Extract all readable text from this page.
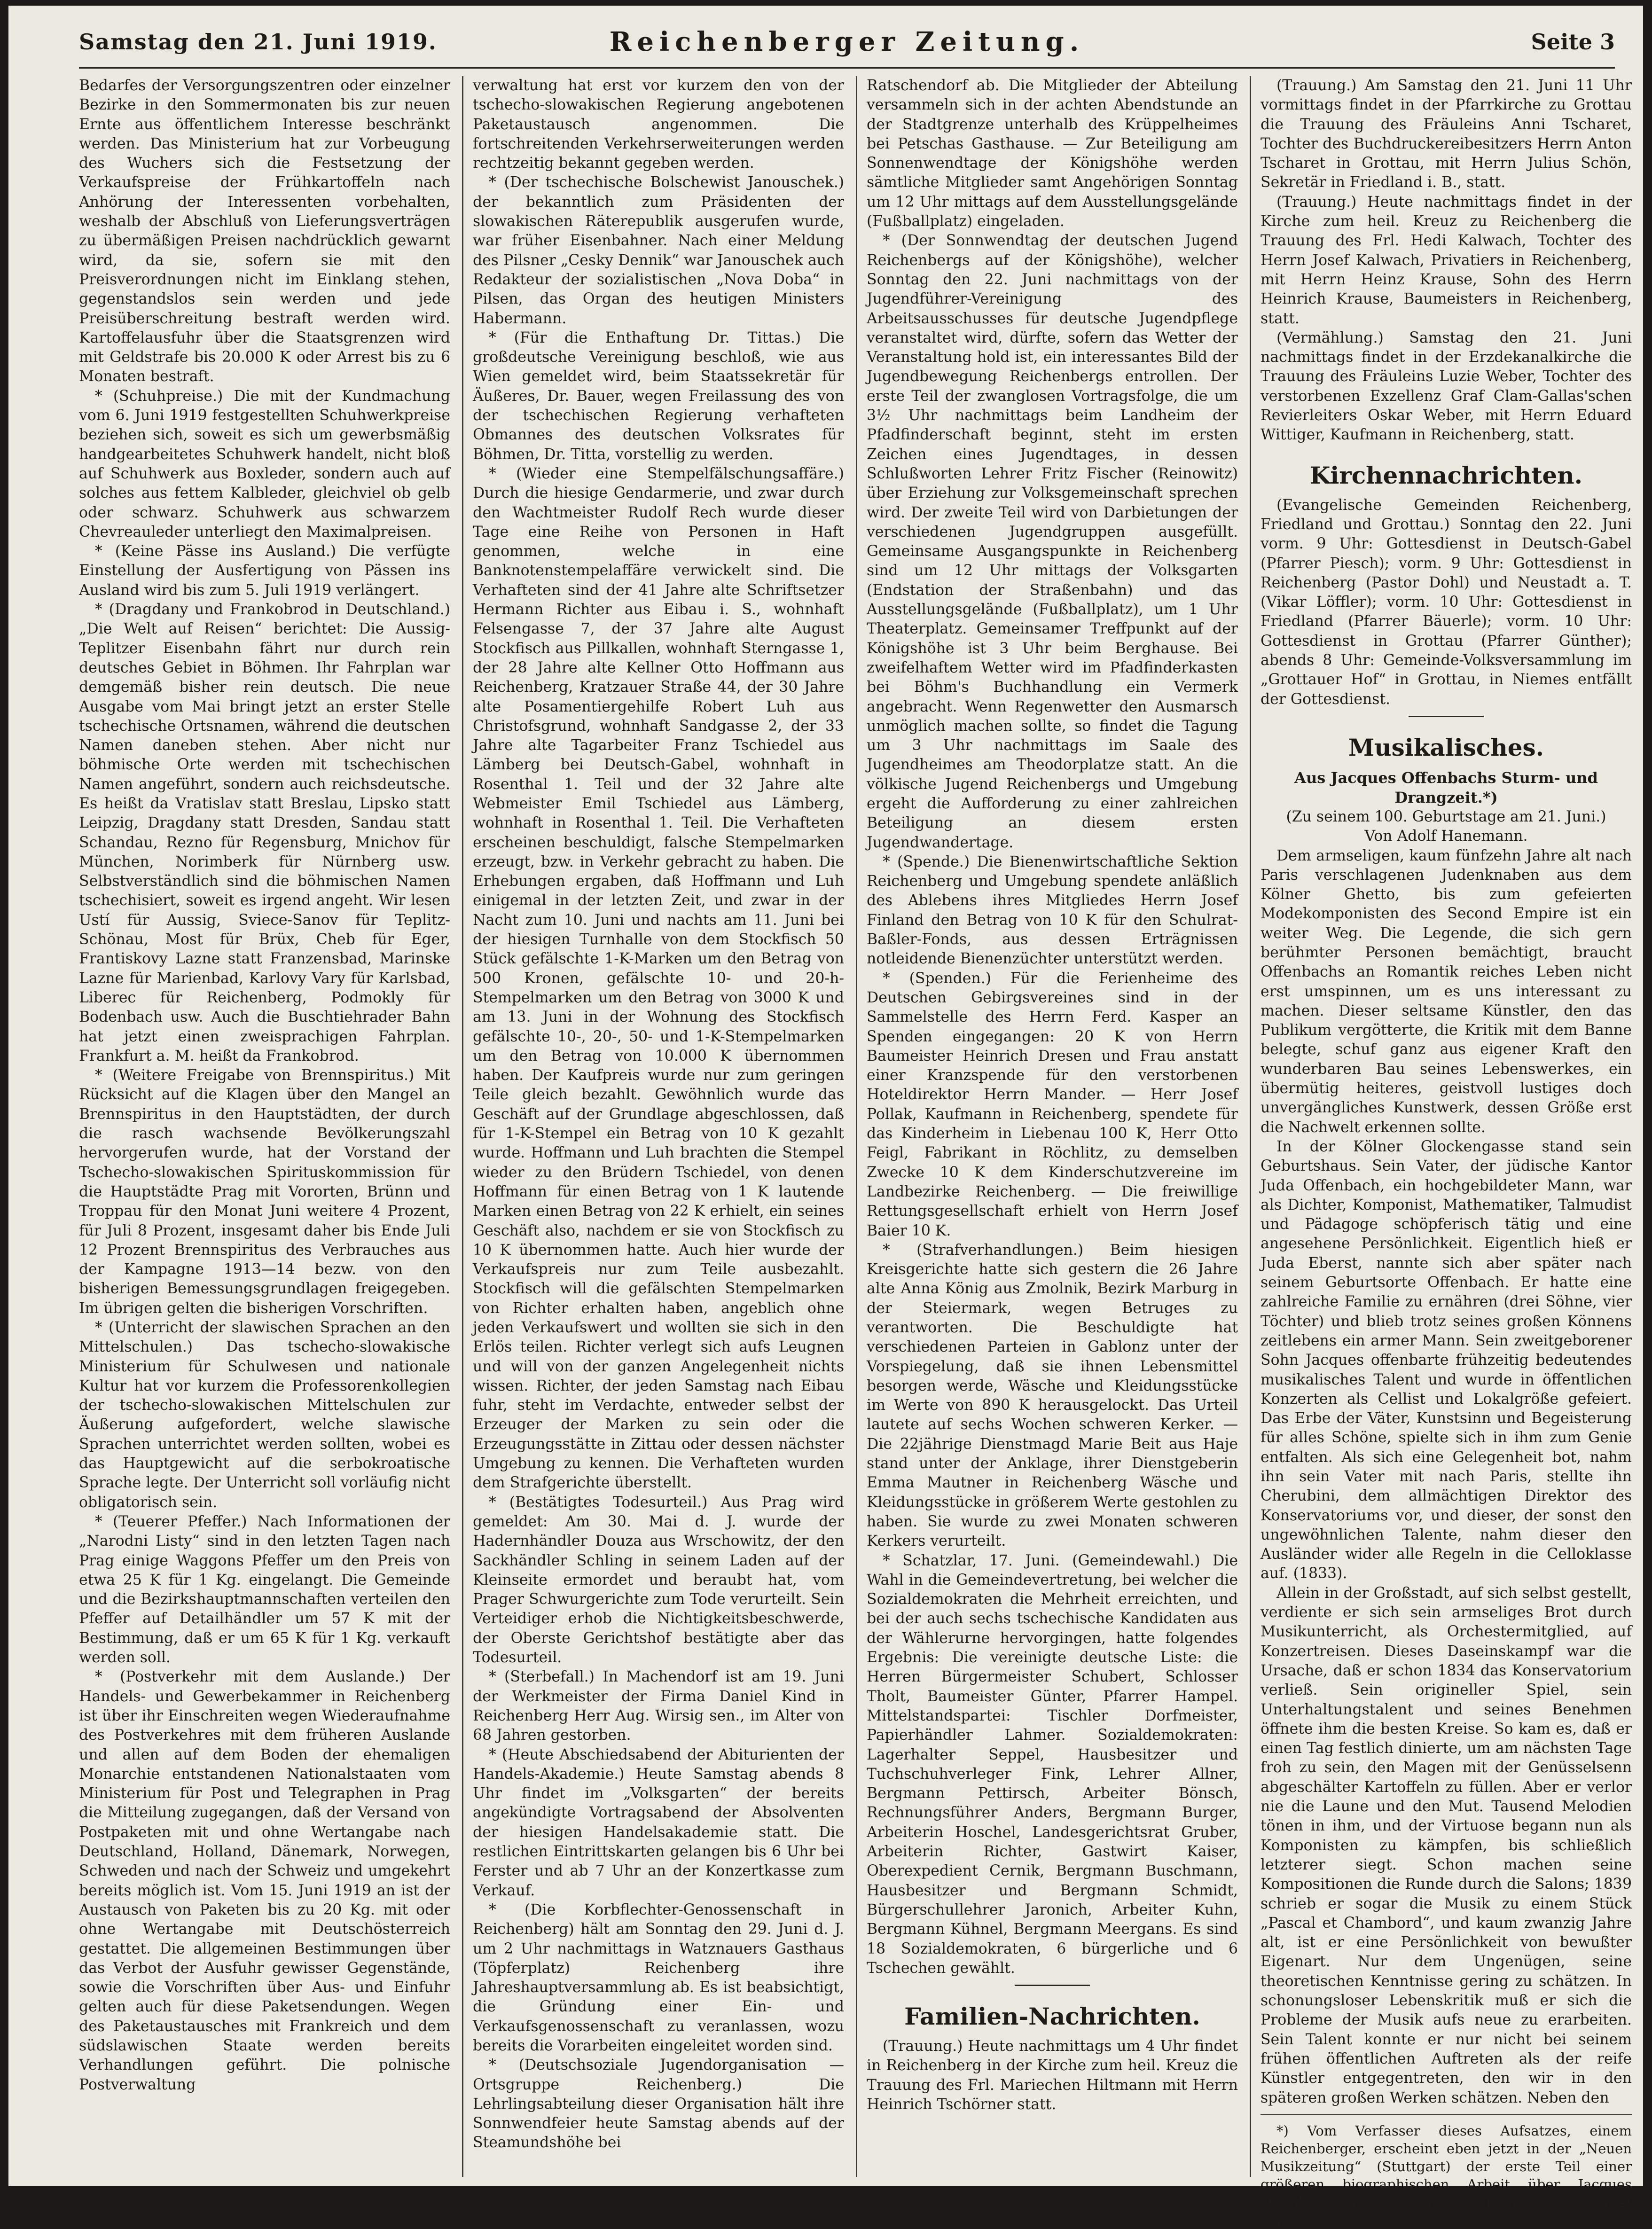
Samstag den 21. Juni 1919.	Reichenberger Zeitung.	Seite 3

Bedarfes der Versorgungszentren oder einzelner Bezirke in den Sommermonaten bis zur neuen Ernte aus öffentlichem Interesse beschränkt werden. Das Ministerium hat zur Vorbeugung des Wuchers sich die Festsetzung der Verkaufspreise der Frühkartoffeln nach Anhörung der Interessenten vorbehalten, weshalb der Abschluß von Lieferungsverträgen zu übermäßigen Preisen nachdrücklich gewarnt wird, da sie, sofern sie mit den Preisverordnungen nicht im Einklang stehen, gegenstandslos sein werden und jede Preisüberschreitung bestraft werden wird. Kartoffelausfuhr über die Staatsgrenzen wird mit Geldstrafe bis 20.000 K oder Arrest bis zu 6 Monaten bestraft.

* (Schuhpreise.) Die mit der Kundmachung vom 6. Juni 1919 festgestellten Schuhwerkpreise beziehen sich, soweit es sich um gewerbsmäßig handgearbeitetes Schuhwerk handelt, nicht bloß auf Schuhwerk aus Boxleder, sondern auch auf solches aus fettem Kalbleder, gleichviel ob gelb oder schwarz. Schuhwerk aus schwarzem Chevreauleder unterliegt den Maximalpreisen.

* (Keine Pässe ins Ausland.) Die verfügte Einstellung der Ausfertigung von Pässen ins Ausland wird bis zum 5. Juli 1919 verlängert.

* (Dragdany und Frankobrod in Deutschland.) „Die Welt auf Reisen“ berichtet: Die Aussig-Teplitzer Eisenbahn fährt nur durch rein deutsches Gebiet in Böhmen. Ihr Fahrplan war demgemäß bisher rein deutsch. Die neue Ausgabe vom Mai bringt jetzt an erster Stelle tschechische Ortsnamen, während die deutschen Namen daneben stehen. Aber nicht nur böhmische Orte werden mit tschechischen Namen angeführt, sondern auch reichsdeutsche. Es heißt da Vratislav statt Breslau, Lipsko statt Leipzig, Dragdany statt Dresden, Sandau statt Schandau, Rezno für Regensburg, Mnichov für München, Norimberk für Nürnberg usw. Selbstverständlich sind die böhmischen Namen tschechisiert, soweit es irgend angeht. Wir lesen Ustí für Aussig, Sviece-Sanov für Teplitz-Schönau, Most für Brüx, Cheb für Eger, Frantiskovy Lazne statt Franzensbad, Marinske Lazne für Marienbad, Karlovy Vary für Karlsbad, Liberec für Reichenberg, Podmokly für Bodenbach usw. Auch die Buschtiehrader Bahn hat jetzt einen zweisprachigen Fahrplan. Frankfurt a. M. heißt da Frankobrod.

* (Weitere Freigabe von Brennspiritus.) Mit Rücksicht auf die Klagen über den Mangel an Brennspiritus in den Hauptstädten, der durch die rasch wachsende Bevölkerungszahl hervorgerufen wurde, hat der Vorstand der Tschecho-slowakischen Spirituskommission für die Hauptstädte Prag mit Vororten, Brünn und Troppau für den Monat Juni weitere 4 Prozent, für Juli 8 Prozent, insgesamt daher bis Ende Juli 12 Prozent Brennspiritus des Verbrauches aus der Kampagne 1913—14 bezw. von den bisherigen Bemessungsgrundlagen freigegeben. Im übrigen gelten die bisherigen Vorschriften.

* (Unterricht der slawischen Sprachen an den Mittelschulen.) Das tschecho-slowakische Ministerium für Schulwesen und nationale Kultur hat vor kurzem die Professorenkollegien der tschecho-slowakischen Mittelschulen zur Äußerung aufgefordert, welche slawische Sprachen unterrichtet werden sollten, wobei es das Hauptgewicht auf die serbokroatische Sprache legte. Der Unterricht soll vorläufig nicht obligatorisch sein.

* (Teuerer Pfeffer.) Nach Informationen der „Narodni Listy“ sind in den letzten Tagen nach Prag einige Waggons Pfeffer um den Preis von etwa 25 K für 1 Kg. eingelangt. Die Gemeinde und die Bezirkshauptmannschaften verteilen den Pfeffer auf Detailhändler um 57 K mit der Bestimmung, daß er um 65 K für 1 Kg. verkauft werden soll.

* (Postverkehr mit dem Auslande.) Der Handels- und Gewerbekammer in Reichenberg ist über ihr Einschreiten wegen Wiederaufnahme des Postverkehres mit dem früheren Auslande und allen auf dem Boden der ehemaligen Monarchie entstandenen Nationalstaaten vom Ministerium für Post und Telegraphen in Prag die Mitteilung zugegangen, daß der Versand von Postpaketen mit und ohne Wertangabe nach Deutschland, Holland, Dänemark, Norwegen, Schweden und nach der Schweiz und umgekehrt bereits möglich ist. Vom 15. Juni 1919 an ist der Austausch von Paketen bis zu 20 Kg. mit oder ohne Wertangabe mit Deutschösterreich gestattet. Die allgemeinen Bestimmungen über das Verbot der Ausfuhr gewisser Gegenstände, sowie die Vorschriften über Aus- und Einfuhr gelten auch für diese Paketsendungen. Wegen des Paketaustausches mit Frankreich und dem südslawischen Staate werden bereits Verhandlungen geführt. Die polnische Postverwaltung

verwaltung hat erst vor kurzem den von der tschecho-slowakischen Regierung angebotenen Paketaustausch angenommen. Die fortschreitenden Verkehrserweiterungen werden rechtzeitig bekannt gegeben werden.

* (Der tschechische Bolschewist Janouschek.) der bekanntlich zum Präsidenten der slowakischen Räterepublik ausgerufen wurde, war früher Eisenbahner. Nach einer Meldung des Pilsner „Cesky Dennik“ war Janouschek auch Redakteur der sozialistischen „Nova Doba“ in Pilsen, das Organ des heutigen Ministers Habermann.

* (Für die Enthaftung Dr. Tittas.) Die großdeutsche Vereinigung beschloß, wie aus Wien gemeldet wird, beim Staatssekretär für Äußeres, Dr. Bauer, wegen Freilassung des von der tschechischen Regierung verhafteten Obmannes des deutschen Volksrates für Böhmen, Dr. Titta, vorstellig zu werden.

* (Wieder eine Stempelfälschungsaffäre.) Durch die hiesige Gendarmerie, und zwar durch den Wachtmeister Rudolf Rech wurde dieser Tage eine Reihe von Personen in Haft genommen, welche in eine Banknotenstempelaffäre verwickelt sind. Die Verhafteten sind der 41 Jahre alte Schriftsetzer Hermann Richter aus Eibau i. S., wohnhaft Felsengasse 7, der 37 Jahre alte August Stockfisch aus Pillkallen, wohnhaft Sterngasse 1, der 28 Jahre alte Kellner Otto Hoffmann aus Reichenberg, Kratzauer Straße 44, der 30 Jahre alte Posamentiergehilfe Robert Luh aus Christofsgrund, wohnhaft Sandgasse 2, der 33 Jahre alte Tagarbeiter Franz Tschiedel aus Lämberg bei Deutsch-Gabel, wohnhaft in Rosenthal 1. Teil und der 32 Jahre alte Webmeister Emil Tschiedel aus Lämberg, wohnhaft in Rosenthal 1. Teil. Die Verhafteten erscheinen beschuldigt, falsche Stempelmarken erzeugt, bzw. in Verkehr gebracht zu haben. Die Erhebungen ergaben, daß Hoffmann und Luh einigemal in der letzten Zeit, und zwar in der Nacht zum 10. Juni und nachts am 11. Juni bei der hiesigen Turnhalle von dem Stockfisch 50 Stück gefälschte 1-K-Marken um den Betrag von 500 Kronen, gefälschte 10- und 20-h-Stempelmarken um den Betrag von 3000 K und am 13. Juni in der Wohnung des Stockfisch gefälschte 10-, 20-, 50- und 1-K-Stempelmarken um den Betrag von 10.000 K übernommen haben. Der Kaufpreis wurde nur zum geringen Teile gleich bezahlt. Gewöhnlich wurde das Geschäft auf der Grundlage abgeschlossen, daß für 1-K-Stempel ein Betrag von 10 K gezahlt wurde. Hoffmann und Luh brachten die Stempel wieder zu den Brüdern Tschiedel, von denen Hoffmann für einen Betrag von 1 K lautende Marken einen Betrag von 22 K erhielt, ein seines Geschäft also, nachdem er sie von Stockfisch zu 10 K übernommen hatte. Auch hier wurde der Verkaufspreis nur zum Teile ausbezahlt. Stockfisch will die gefälschten Stempelmarken von Richter erhalten haben, angeblich ohne jeden Verkaufswert und wollten sie sich in den Erlös teilen. Richter verlegt sich aufs Leugnen und will von der ganzen Angelegenheit nichts wissen. Richter, der jeden Samstag nach Eibau fuhr, steht im Verdachte, entweder selbst der Erzeuger der Marken zu sein oder die Erzeugungsstätte in Zittau oder dessen nächster Umgebung zu kennen. Die Verhafteten wurden dem Strafgerichte überstellt.

* (Bestätigtes Todesurteil.) Aus Prag wird gemeldet: Am 30. Mai d. J. wurde der Hadernhändler Douza aus Wrschowitz, der den Sackhändler Schling in seinem Laden auf der Kleinseite ermordet und beraubt hat, vom Prager Schwurgerichte zum Tode verurteilt. Sein Verteidiger erhob die Nichtigkeitsbeschwerde, der Oberste Gerichtshof bestätigte aber das Todesurteil.

* (Sterbefall.) In Machendorf ist am 19. Juni der Werkmeister der Firma Daniel Kind in Reichenberg Herr Aug. Wirsig sen., im Alter von 68 Jahren gestorben.

* (Heute Abschiedsabend der Abiturienten der Handels-Akademie.) Heute Samstag abends 8 Uhr findet im „Volksgarten“ der bereits angekündigte Vortragsabend der Absolventen der hiesigen Handelsakademie statt. Die restlichen Eintrittskarten gelangen bis 6 Uhr bei Ferster und ab 7 Uhr an der Konzertkasse zum Verkauf.

* (Die Korbflechter-Genossenschaft in Reichenberg) hält am Sonntag den 29. Juni d. J. um 2 Uhr nachmittags in Watznauers Gasthaus (Töpferplatz) Reichenberg ihre Jahreshauptversammlung ab. Es ist beabsichtigt, die Gründung einer Ein- und Verkaufsgenossenschaft zu veranlassen, wozu bereits die Vorarbeiten eingeleitet worden sind.

* (Deutschsoziale Jugendorganisation — Ortsgruppe Reichenberg.) Die Lehrlingsabteilung dieser Organisation hält ihre Sonnwendfeier heute Samstag abends auf der Steamundshöhe bei

Ratschendorf ab. Die Mitglieder der Abteilung versammeln sich in der achten Abendstunde an der Stadtgrenze unterhalb des Krüppelheimes bei Petschas Gasthause. — Zur Beteiligung am Sonnenwendtage der Königshöhe werden sämtliche Mitglieder samt Angehörigen Sonntag um 12 Uhr mittags auf dem Ausstellungsgelände (Fußballplatz) eingeladen.

* (Der Sonnwendtag der deutschen Jugend Reichenbergs auf der Königshöhe), welcher Sonntag den 22. Juni nachmittags von der Jugendführer-Vereinigung des Arbeitsausschusses für deutsche Jugendpflege veranstaltet wird, dürfte, sofern das Wetter der Veranstaltung hold ist, ein interessantes Bild der Jugendbewegung Reichenbergs entrollen. Der erste Teil der zwanglosen Vortragsfolge, die um 3½ Uhr nachmittags beim Landheim der Pfadfinderschaft beginnt, steht im ersten Zeichen eines Jugendtages, in dessen Schlußworten Lehrer Fritz Fischer (Reinowitz) über Erziehung zur Volksgemeinschaft sprechen wird. Der zweite Teil wird von Darbietungen der verschiedenen Jugendgruppen ausgefüllt. Gemeinsame Ausgangspunkte in Reichenberg sind um 12 Uhr mittags der Volksgarten (Endstation der Straßenbahn) und das Ausstellungsgelände (Fußballplatz), um 1 Uhr Theaterplatz. Gemeinsamer Treffpunkt auf der Königshöhe ist 3 Uhr beim Berghause. Bei zweifelhaftem Wetter wird im Pfadfinderkasten bei Böhm's Buchhandlung ein Vermerk angebracht. Wenn Regenwetter den Ausmarsch unmöglich machen sollte, so findet die Tagung um 3 Uhr nachmittags im Saale des Jugendheimes am Theodorplatze statt. An die völkische Jugend Reichenbergs und Umgebung ergeht die Aufforderung zu einer zahlreichen Beteiligung an diesem ersten Jugendwandertage.

* (Spende.) Die Bienenwirtschaftliche Sektion Reichenberg und Umgebung spendete anläßlich des Ablebens ihres Mitgliedes Herrn Josef Finland den Betrag von 10 K für den Schulrat-Baßler-Fonds, aus dessen Erträgnissen notleidende Bienenzüchter unterstützt werden.

* (Spenden.) Für die Ferienheime des Deutschen Gebirgsvereines sind in der Sammelstelle des Herrn Ferd. Kasper an Spenden eingegangen: 20 K von Herrn Baumeister Heinrich Dresen und Frau anstatt einer Kranzspende für den verstorbenen Hoteldirektor Herrn Mander. — Herr Josef Pollak, Kaufmann in Reichenberg, spendete für das Kinderheim in Liebenau 100 K, Herr Otto Feigl, Fabrikant in Röchlitz, zu demselben Zwecke 10 K dem Kinderschutzvereine im Landbezirke Reichenberg. — Die freiwillige Rettungsgesellschaft erhielt von Herrn Josef Baier 10 K.

* (Strafverhandlungen.) Beim hiesigen Kreisgerichte hatte sich gestern die 26 Jahre alte Anna König aus Zmolnik, Bezirk Marburg in der Steiermark, wegen Betruges zu verantworten. Die Beschuldigte hat verschiedenen Parteien in Gablonz unter der Vorspiegelung, daß sie ihnen Lebensmittel besorgen werde, Wäsche und Kleidungsstücke im Werte von 890 K herausgelockt. Das Urteil lautete auf sechs Wochen schweren Kerker. — Die 22jährige Dienstmagd Marie Beit aus Haje stand unter der Anklage, ihrer Dienstgeberin Emma Mautner in Reichenberg Wäsche und Kleidungsstücke in größerem Werte gestohlen zu haben. Sie wurde zu zwei Monaten schweren Kerkers verurteilt.

* Schatzlar, 17. Juni. (Gemeindewahl.) Die Wahl in die Gemeindevertretung, bei welcher die Sozialdemokraten die Mehrheit erreichten, und bei der auch sechs tschechische Kandidaten aus der Wählerurne hervorgingen, hatte folgendes Ergebnis: Die vereinigte deutsche Liste: die Herren Bürgermeister Schubert, Schlosser Tholt, Baumeister Günter, Pfarrer Hampel. Mittelstandspartei: Tischler Dorfmeister, Papierhändler Lahmer. Sozialdemokraten: Lagerhalter Seppel, Hausbesitzer und Tuchschuhverleger Fink, Lehrer Allner, Bergmann Pettirsch, Arbeiter Bönsch, Rechnungsführer Anders, Bergmann Burger, Arbeiterin Hoschel, Landesgerichtsrat Gruber, Arbeiterin Richter, Gastwirt Kaiser, Oberexpedient Cernik, Bergmann Buschmann, Hausbesitzer und Bergmann Schmidt, Bürgerschullehrer Jaronich, Arbeiter Kuhn, Bergmann Kühnel, Bergmann Meergans. Es sind 18 Sozialdemokraten, 6 bürgerliche und 6 Tschechen gewählt.

Familien-Nachrichten.

(Trauung.) Heute nachmittags um 4 Uhr findet in Reichenberg in der Kirche zum heil. Kreuz die Trauung des Frl. Mariechen Hiltmann mit Herrn Heinrich Tschörner statt.

(Trauung.) Am Samstag den 21. Juni 11 Uhr vormittags findet in der Pfarrkirche zu Grottau die Trauung des Fräuleins Anni Tscharet, Tochter des Buchdruckereibesitzers Herrn Anton Tscharet in Grottau, mit Herrn Julius Schön, Sekretär in Friedland i. B., statt.

(Trauung.) Heute nachmittags findet in der Kirche zum heil. Kreuz zu Reichenberg die Trauung des Frl. Hedi Kalwach, Tochter des Herrn Josef Kalwach, Privatiers in Reichenberg, mit Herrn Heinz Krause, Sohn des Herrn Heinrich Krause, Baumeisters in Reichenberg, statt.

(Vermählung.) Samstag den 21. Juni nachmittags findet in der Erzdekanalkirche die Trauung des Fräuleins Luzie Weber, Tochter des verstorbenen Exzellenz Graf Clam-Gallas'schen Revierleiters Oskar Weber, mit Herrn Eduard Wittiger, Kaufmann in Reichenberg, statt.

Kirchennachrichten.

(Evangelische Gemeinden Reichenberg, Friedland und Grottau.) Sonntag den 22. Juni vorm. 9 Uhr: Gottesdienst in Deutsch-Gabel (Pfarrer Piesch); vorm. 9 Uhr: Gottesdienst in Reichenberg (Pastor Dohl) und Neustadt a. T. (Vikar Löffler); vorm. 10 Uhr: Gottesdienst in Friedland (Pfarrer Bäuerle); vorm. 10 Uhr: Gottesdienst in Grottau (Pfarrer Günther); abends 8 Uhr: Gemeinde-Volksversammlung im „Grottauer Hof“ in Grottau, in Niemes entfällt der Gottesdienst.

Musikalisches.
Aus Jacques Offenbachs Sturm- und Drangzeit.*)

(Zu seinem 100. Geburtstage am 21. Juni.)

Von Adolf Hanemann.

Dem armseligen, kaum fünfzehn Jahre alt nach Paris verschlagenen Judenknaben aus dem Kölner Ghetto, bis zum gefeierten Modekomponisten des Second Empire ist ein weiter Weg. Die Legende, die sich gern berühmter Personen bemächtigt, braucht Offenbachs an Romantik reiches Leben nicht erst umspinnen, um es uns interessant zu machen. Dieser seltsame Künstler, den das Publikum vergötterte, die Kritik mit dem Banne belegte, schuf ganz aus eigener Kraft den wunderbaren Bau seines Lebenswerkes, ein übermütig heiteres, geistvoll lustiges doch unvergängliches Kunstwerk, dessen Größe erst die Nachwelt erkennen sollte.

In der Kölner Glockengasse stand sein Geburtshaus. Sein Vater, der jüdische Kantor Juda Offenbach, ein hochgebildeter Mann, war als Dichter, Komponist, Mathematiker, Talmudist und Pädagoge schöpferisch tätig und eine angesehene Persönlichkeit. Eigentlich hieß er Juda Eberst, nannte sich aber später nach seinem Geburtsorte Offenbach. Er hatte eine zahlreiche Familie zu ernähren (drei Söhne, vier Töchter) und blieb trotz seines großen Könnens zeitlebens ein armer Mann. Sein zweitgeborener Sohn Jacques offenbarte frühzeitig bedeutendes musikalisches Talent und wurde in öffentlichen Konzerten als Cellist und Lokalgröße gefeiert. Das Erbe der Väter, Kunstsinn und Begeisterung für alles Schöne, spielte sich in ihm zum Genie entfalten. Als sich eine Gelegenheit bot, nahm ihn sein Vater mit nach Paris, stellte ihn Cherubini, dem allmächtigen Direktor des Konservatoriums vor, und dieser, der sonst den ungewöhnlichen Talente, nahm dieser den Ausländer wider alle Regeln in die Celloklasse auf. (1833).

Allein in der Großstadt, auf sich selbst gestellt, verdiente er sich sein armseliges Brot durch Musikunterricht, als Orchestermitglied, auf Konzertreisen. Dieses Daseinskampf war die Ursache, daß er schon 1834 das Konservatorium verließ. Sein origineller Spiel, sein Unterhaltungstalent und seines Benehmen öffnete ihm die besten Kreise. So kam es, daß er einen Tag festlich dinierte, um am nächsten Tage froh zu sein, den Magen mit der Genüsselsenn abgeschälter Kartoffeln zu füllen. Aber er verlor nie die Laune und den Mut. Tausend Melodien tönen in ihm, und der Virtuose begann nun als Komponisten zu kämpfen, bis schließlich letzterer siegt. Schon machen seine Kompositionen die Runde durch die Salons; 1839 schrieb er sogar die Musik zu einem Stück „Pascal et Chambord“, und kaum zwanzig Jahre alt, ist er eine Persönlichkeit von bewußter Eigenart. Nur dem Ungenügen, seine theoretischen Kenntnisse gering zu schätzen. In schonungsloser Lebenskritik muß er sich die Probleme der Musik aufs neue zu erarbeiten. Sein Talent konnte er nur nicht bei seinem frühen öffentlichen Auftreten als der reife Künstler entgegentreten, den wir in den späteren großen Werken schätzen. Neben den

*) Vom Verfasser dieses Aufsatzes, einem Reichenberger, erscheint eben jetzt in der „Neuen Musikzeitung“ (Stuttgart) der erste Teil einer größeren biographischen Arbeit über Jacques Offenbach, die später auch in Buchform verdichtet wird.
